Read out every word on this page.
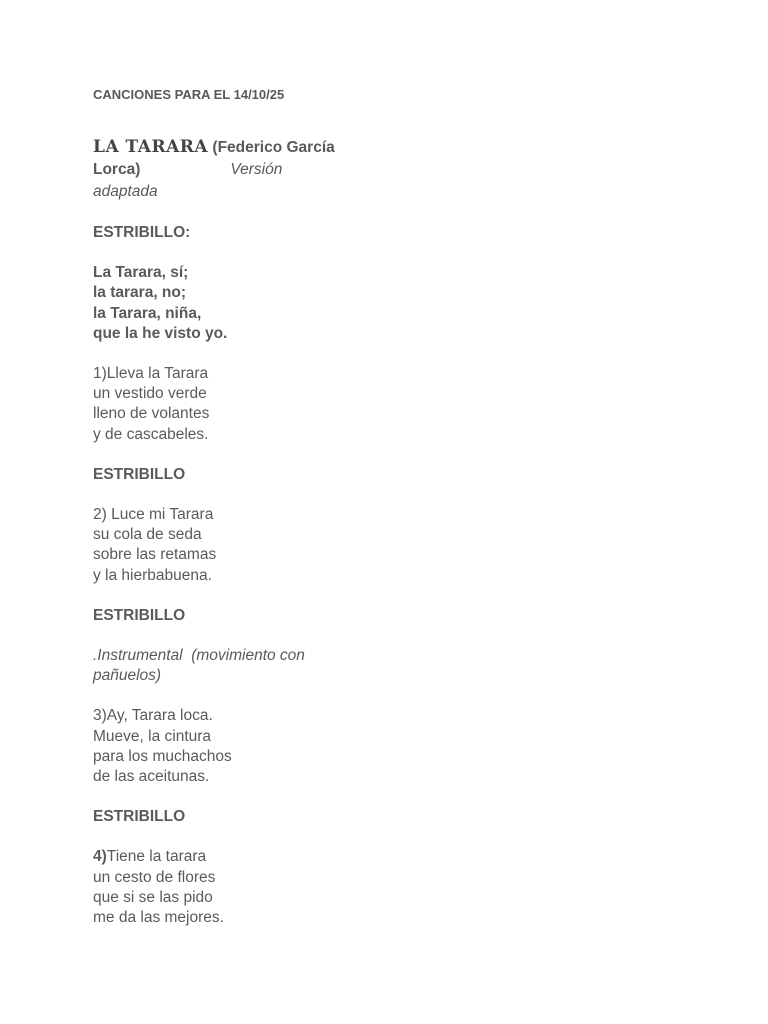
CANCIONES PARA EL 14/10/25

LA TARARA (Federico García Lorca)	Versión
adaptada
ESTRIBILLO:
La Tarara, sí;
la tarara, no;
la Tarara, niña,
que la he visto yo.
1)Lleva la Tarara
un vestido verde
lleno de volantes
y de cascabeles.
ESTRIBILLO
2) Luce mi Tarara
su cola de seda
sobre las retamas
y la hierbabuena.
ESTRIBILLO
.Instrumental  (movimiento con
pañuelos)
3)Ay, Tarara loca.
Mueve, la cintura
para los muchachos
de las aceitunas.
ESTRIBILLO
4)Tiene la tarara
un cesto de flores
que si se las pido
me da las mejores.
